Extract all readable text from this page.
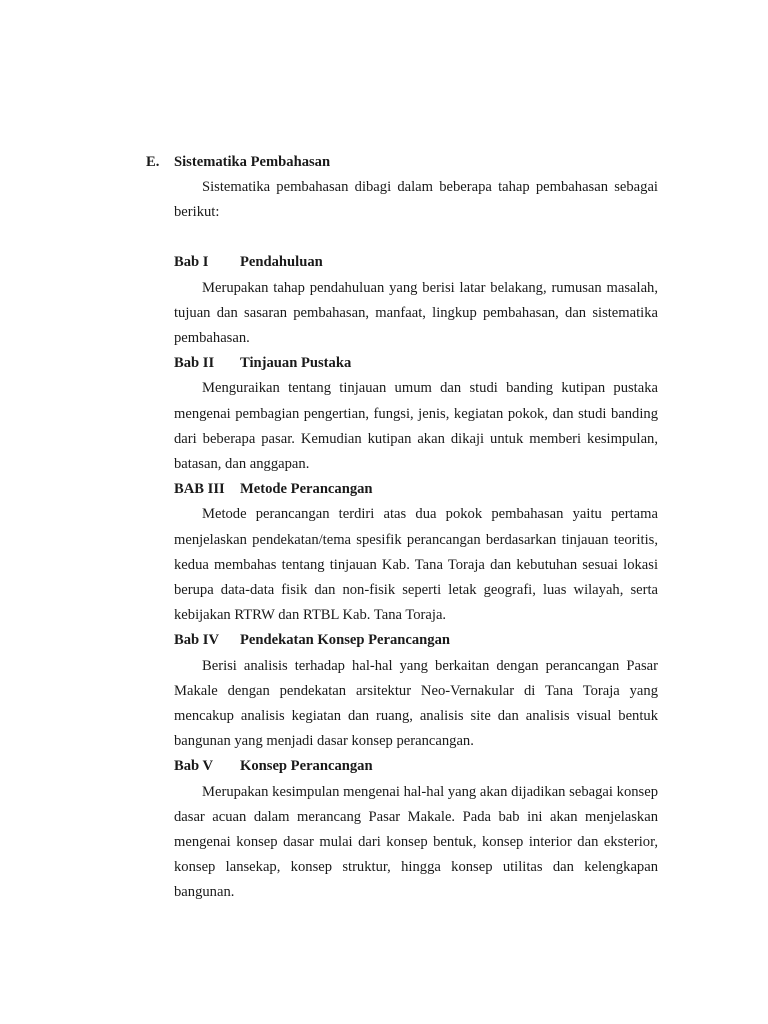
E. Sistematika Pembahasan

Sistematika pembahasan dibagi dalam beberapa tahap pembahasan sebagai berikut:

Bab I Pendahuluan

Merupakan tahap pendahuluan yang berisi latar belakang, rumusan masalah, tujuan dan sasaran pembahasan, manfaat, lingkup pembahasan, dan sistematika pembahasan.

Bab II Tinjauan Pustaka

Menguraikan tentang tinjauan umum dan studi banding kutipan pustaka mengenai pembagian pengertian, fungsi, jenis, kegiatan pokok, dan studi banding dari beberapa pasar. Kemudian kutipan akan dikaji untuk memberi kesimpulan, batasan, dan anggapan.

BAB III Metode Perancangan

Metode perancangan terdiri atas dua pokok pembahasan yaitu pertama menjelaskan pendekatan/tema spesifik perancangan berdasarkan tinjauan teoritis, kedua membahas tentang tinjauan Kab. Tana Toraja dan kebutuhan sesuai lokasi berupa data-data fisik dan non-fisik seperti letak geografi, luas wilayah, serta kebijakan RTRW dan RTBL Kab. Tana Toraja.

Bab IV Pendekatan Konsep Perancangan

Berisi analisis terhadap hal-hal yang berkaitan dengan perancangan Pasar Makale dengan pendekatan arsitektur Neo-Vernakular di Tana Toraja yang mencakup analisis kegiatan dan ruang, analisis site dan analisis visual bentuk bangunan yang menjadi dasar konsep perancangan.

Bab V Konsep Perancangan

Merupakan kesimpulan mengenai hal-hal yang akan dijadikan sebagai konsep dasar acuan dalam merancang Pasar Makale. Pada bab ini akan menjelaskan mengenai konsep dasar mulai dari konsep bentuk, konsep interior dan eksterior, konsep lansekap, konsep struktur, hingga konsep utilitas dan kelengkapan bangunan.
